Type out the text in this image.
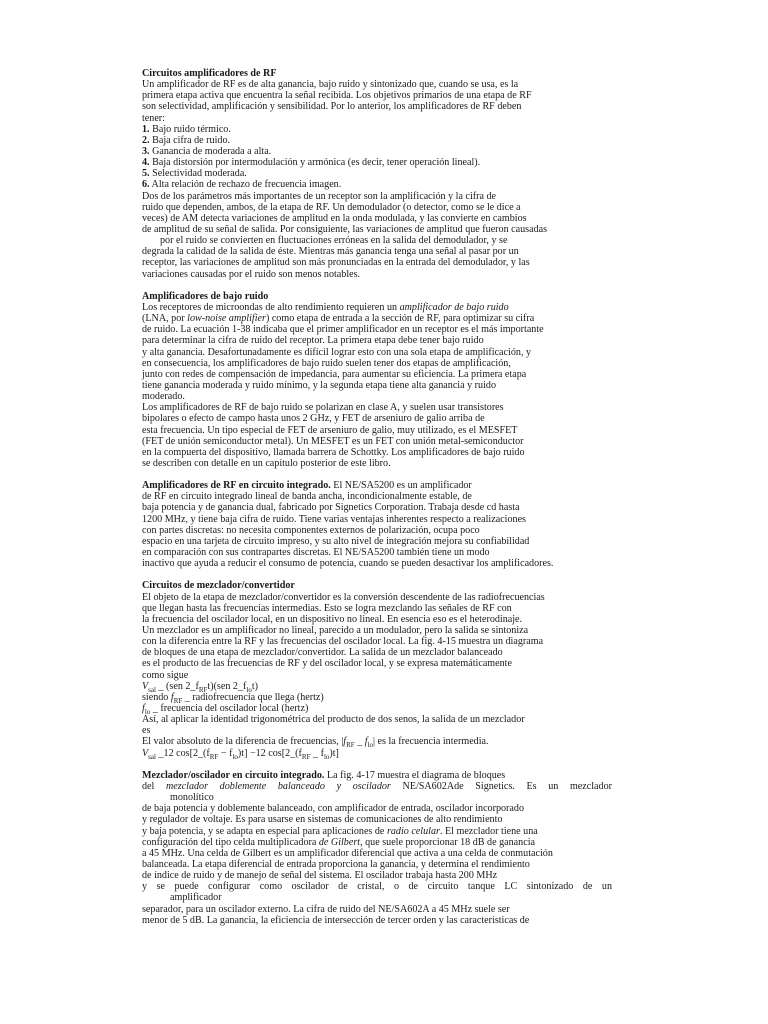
Circuitos amplificadores de RF
Un amplificador de RF es de alta ganancia, bajo ruido y sintonizado que, cuando se usa, es la
primera etapa activa que encuentra la señal recibida. Los objetivos primarios de una etapa de RF
son selectividad, amplificación y sensibilidad. Por lo anterior, los amplificadores de RF deben
tener:
1. Bajo ruido térmico.
2. Baja cifra de ruido.
3. Ganancia de moderada a alta.
4. Baja distorsión por intermodulación y armónica (es decir, tener operación lineal).
5. Selectividad moderada.
6. Alta relación de rechazo de frecuencia imagen.
Dos de los parámetros más importantes de un receptor son la amplificación y la cifra de
ruido que dependen, ambos, de la etapa de RF. Un demodulador (o detector, como se le dice a
veces) de AM detecta variaciones de amplitud en la onda modulada, y las convierte en cambios
de amplitud de su señal de salida. Por consiguiente, las variaciones de amplitud que fueron causadas
por el ruido se convierten en fluctuaciones erróneas en la salida del demodulador, y se
degrada la calidad de la salida de éste. Mientras más ganancia tenga una señal al pasar por un
receptor, las variaciones de amplitud son más pronunciadas en la entrada del demodulador, y las
variaciones causadas por el ruido son menos notables.
Amplificadores de bajo ruido
Los receptores de microondas de alto rendimiento requieren un amplificador de bajo ruido
(LNA, por low-noise amplifier) como etapa de entrada a la sección de RF, para optimizar su cifra
de ruido. La ecuación 1-38 indicaba que el primer amplificador en un receptor es el más importante
para determinar la cifra de ruido del receptor. La primera etapa debe tener bajo ruido
y alta ganancia. Desafortunadamente es difícil lograr esto con una sola etapa de amplificación, y
en consecuencia, los amplificadores de bajo ruido suelen tener dos etapas de amplificación,
junto con redes de compensación de impedancia, para aumentar su eficiencia. La primera etapa
tiene ganancia moderada y ruido mínimo, y la segunda etapa tiene alta ganancia y ruido
moderado.
Los amplificadores de RF de bajo ruido se polarizan en clase A, y suelen usar transistores
bipolares o efecto de campo hasta unos 2 GHz, y FET de arseniuro de galio arriba de
esta frecuencia. Un tipo especial de FET de arseniuro de galio, muy utilizado, es el MESFET
(FET de unión semiconductor metal). Un MESFET es un FET con unión metal-semiconductor
en la compuerta del dispositivo, llamada barrera de Schottky. Los amplificadores de bajo ruido
se describen con detalle en un capítulo posterior de este libro.
Amplificadores de RF en circuito integrado. El NE/SA5200 es un amplificador
de RF en circuito integrado lineal de banda ancha, incondicionalmente estable, de
baja potencia y de ganancia dual, fabricado por Signetics Corporation. Trabaja desde cd hasta
1200 MHz, y tiene baja cifra de ruido. Tiene varias ventajas inherentes respecto a realizaciones
con partes discretas: no necesita componentes externos de polarización, ocupa poco
espacio en una tarjeta de circuito impreso, y su alto nivel de integración mejora su confiabilidad
en comparación con sus contrapartes discretas. El NE/SA5200 también tiene un modo
inactivo que ayuda a reducir el consumo de potencia, cuando se pueden desactivar los amplificadores.
Circuitos de mezclador/convertidor
El objeto de la etapa de mezclador/convertidor es la conversión descendente de las radiofrecuencias
que llegan hasta las frecuencias intermedias. Esto se logra mezclando las señales de RF con
la frecuencia del oscilador local, en un dispositivo no lineal. En esencia eso es el heterodinaje.
Un mezclador es un amplificador no lineal, parecido a un modulador, pero la salida se sintoniza
con la diferencia entre la RF y las frecuencias del oscilador local. La fig. 4-15 muestra un diagrama
de bloques de una etapa de mezclador/convertidor. La salida de un mezclador balanceado
es el producto de las frecuencias de RF y del oscilador local, y se expresa matemáticamente
como sigue
$V_{sal}$ _ (sen $2\_f_{RF}t)(sen$ $2\_f_{lo}t$)
siendo $f_{RF}$ _ radiofrecuencia que llega (hertz)
$f_{lo}$ _ frecuencia del oscilador local (hertz)
Así, al aplicar la identidad trigonométrica del producto de dos senos, la salida de un mezclador
es
El valor absoluto de la diferencia de frecuencias, $|f_{RF}$ _ $f_{lo}|$ es la frecuencia intermedia.
$V_{sal}$ _12 $\cos[2\_(f_{RF} - f_{lo})t] -12$ $\cos[2\_(f_{RF}$ _ $f_{lo})t$]
Mezclador/oscilador en circuito integrado. La fig. 4-17 muestra el diagrama de bloques
del mezclador doblemente balanceado y oscilador NE/SA602Ade Signetics. Es un mezclador
monolítico
de baja potencia y doblemente balanceado, con amplificador de entrada, oscilador incorporado
y regulador de voltaje. Es para usarse en sistemas de comunicaciones de alto rendimiento
y baja potencia, y se adapta en especial para aplicaciones de radio celular. El mezclador tiene una
configuración del tipo celda multiplicadora de Gilbert, que suele proporcionar 18 dB de ganancia
a 45 MHz. Una celda de Gilbert es un amplificador diferencial que activa a una celda de conmutación
balanceada. La etapa diferencial de entrada proporciona la ganancia, y determina el rendimiento
de índice de ruido y de manejo de señal del sistema. El oscilador trabaja hasta 200 MHz
y se puede configurar como oscilador de cristal, o de circuito tanque LC sintonizado de un
amplificador
separador, para un oscilador externo. La cifra de ruido del NE/SA602A a 45 MHz suele ser
menor de 5 dB. La ganancia, la eficiencia de intersección de tercer orden y las características de
